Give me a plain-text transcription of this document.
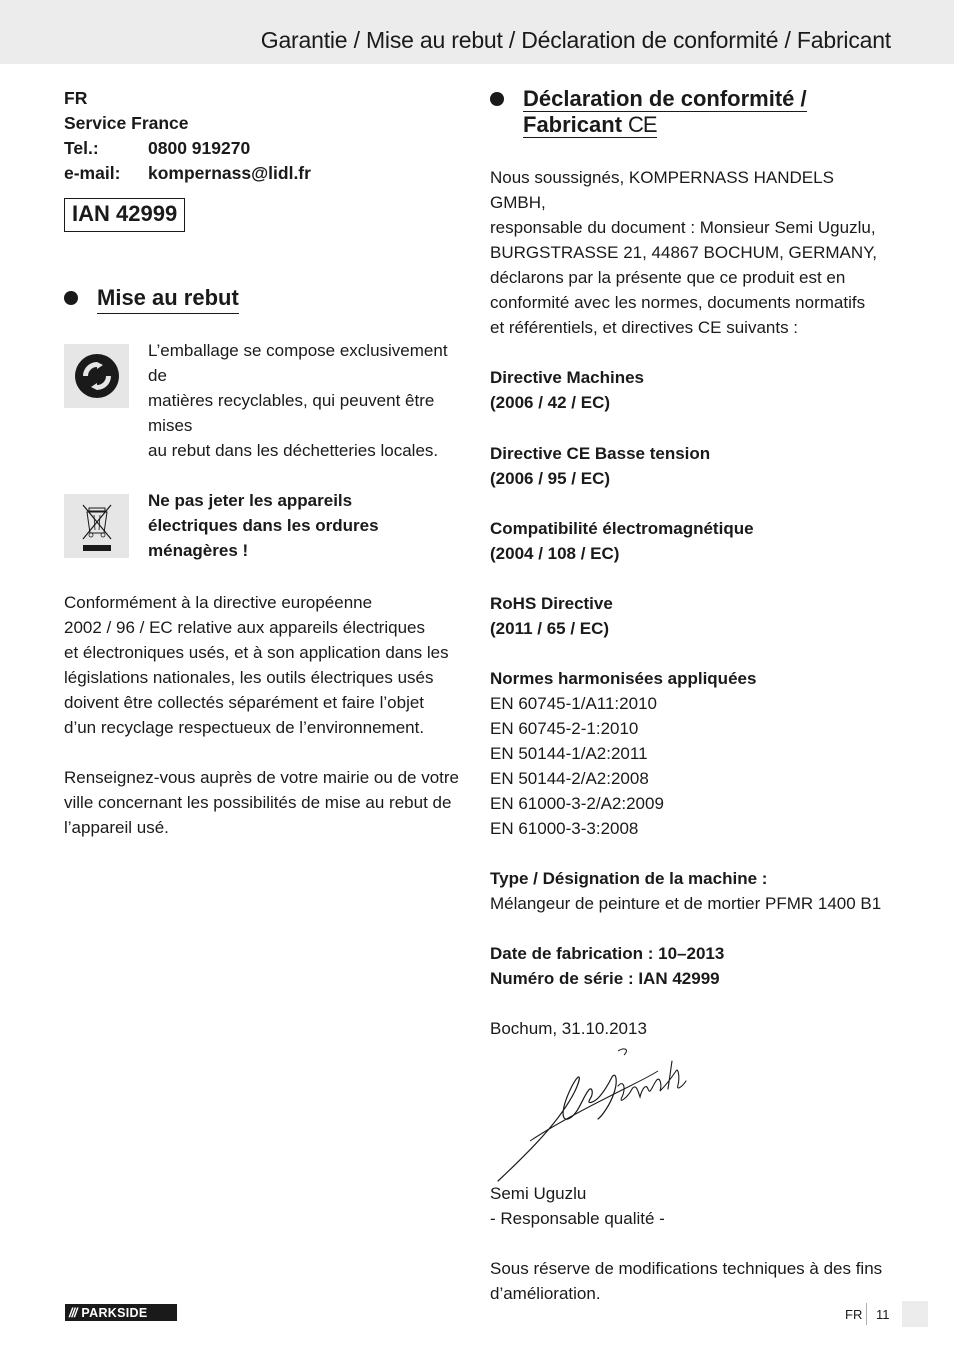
Garantie / Mise au rebut / Déclaration de conformité / Fabricant
FR
Service France
Tel.:	0800 919270
e-mail:	kompernass@lidl.fr
IAN 42999
Mise au rebut

L’emballage se compose exclusivement de

matières recyclables, qui peuvent être mises

au rebut dans les déchetteries locales.

Ne pas jeter les appareils

électriques dans les ordures

ménagères !

Conformément à la directive européenne

2002 / 96 / EC relative aux appareils électriques

et électroniques usés, et à son application dans les

législations nationales, les outils électriques usés

doivent être collectés séparément et faire l’objet

d’un recyclage respectueux de l’environnement.

Renseignez-vous auprès de votre mairie ou de votre

ville concernant les possibilités de mise au rebut de

l’appareil usé.

Déclaration de conformité /
Fabricant CE

Nous soussignés, KOMPERNASS HANDELS GMBH,

responsable du document : Monsieur Semi Uguzlu,

BURGSTRASSE 21, 44867 BOCHUM, GERMANY,

déclarons par la présente que ce produit est en

conformité avec les normes, documents normatifs

et référentiels, et directives CE suivants :

Directive Machines

(2006 / 42 / EC)

Directive CE Basse tension

(2006 / 95 / EC)

Compatibilité électromagnétique

(2004 / 108 / EC)

RoHS Directive

(2011 / 65 / EC)

Normes harmonisées appliquées

EN 60745-1/A11:2010

EN 60745-2-1:2010

EN 50144-1/A2:2011

EN 50144-2/A2:2008

EN 61000-3-2/A2:2009

EN 61000-3-3:2008

Type / Désignation de la machine :

Mélangeur de peinture et de mortier PFMR 1400 B1

Date de fabrication : 10–2013

Numéro de série : IAN 42999

Bochum, 31.10.2013

Semi Uguzlu

- Responsable qualité -

Sous réserve de modifications techniques à des fins

d’amélioration.

/// PARKSIDE	FR 11
